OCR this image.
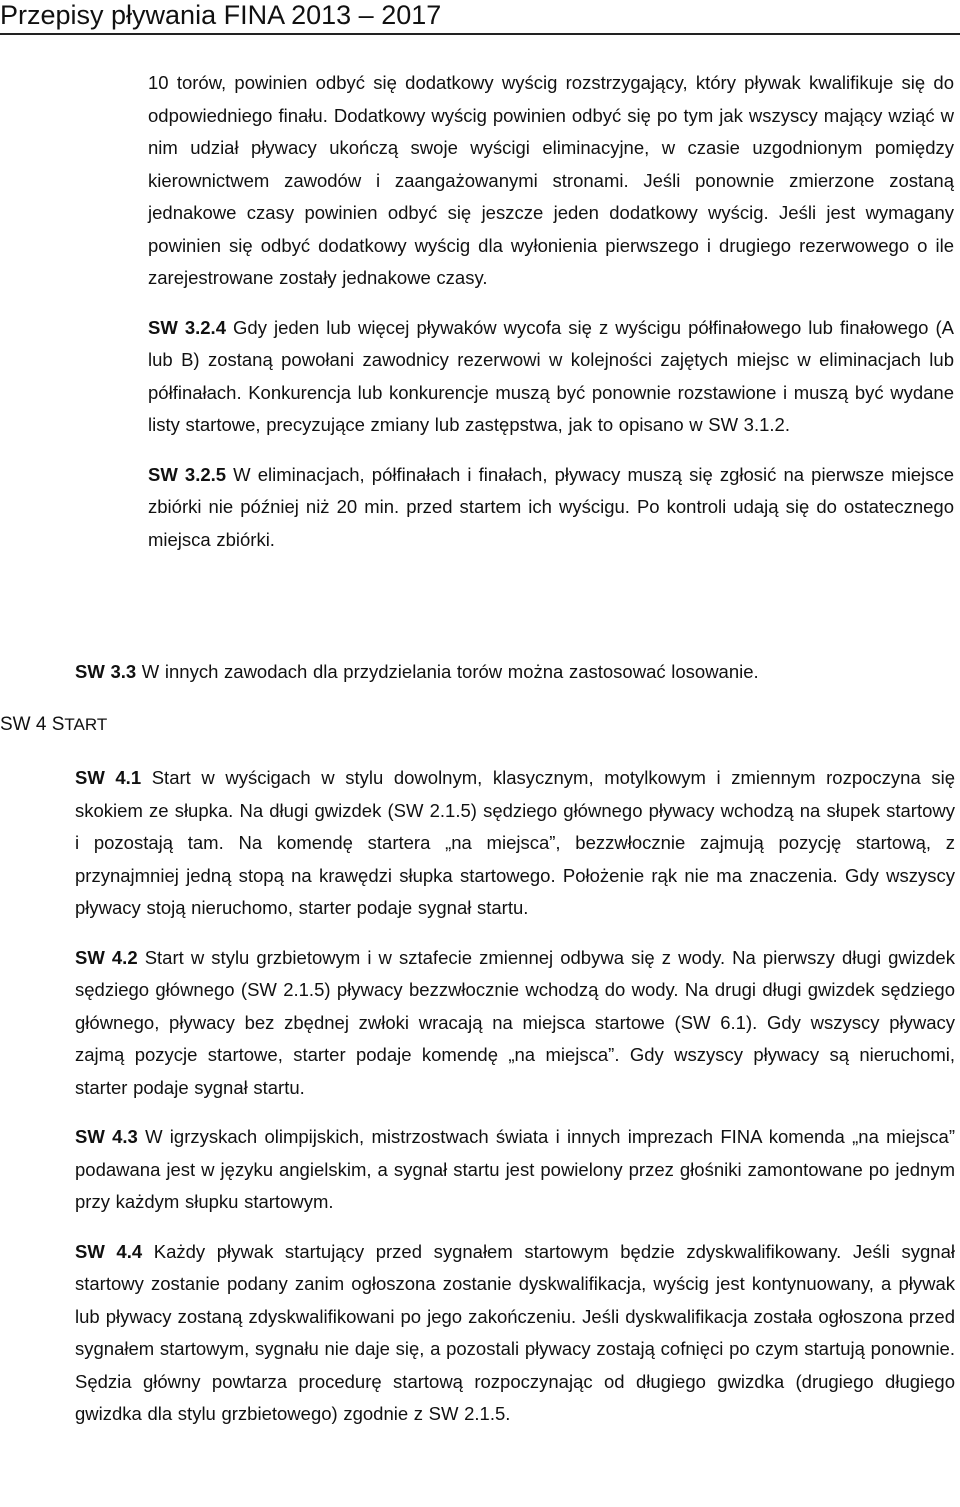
Przepisy pływania FINA 2013 – 2017

10 torów, powinien odbyć się dodatkowy wyścig rozstrzygający, który pływak kwalifikuje się do odpowiedniego finału. Dodatkowy wyścig powinien odbyć się po tym jak wszyscy mający wziąć w nim udział pływacy ukończą swoje wyścigi eliminacyjne, w czasie uzgodnionym pomiędzy kierownictwem zawodów i zaangażowanymi stronami. Jeśli ponownie zmierzone zostaną jednakowe czasy powinien odbyć się jeszcze jeden dodatkowy wyścig. Jeśli jest wymagany powinien się odbyć dodatkowy wyścig dla wyłonienia pierwszego i drugiego rezerwowego o ile zarejestrowane zostały jednakowe czasy.

SW 3.2.4 Gdy jeden lub więcej pływaków wycofa się z wyścigu półfinałowego lub finałowego (A lub B) zostaną powołani zawodnicy rezerwowi w kolejności zajętych miejsc w eliminacjach lub półfinałach. Konkurencja lub konkurencje muszą być ponownie rozstawione i muszą być wydane listy startowe, precyzujące zmiany lub zastępstwa, jak to opisano w SW 3.1.2.

SW 3.2.5 W eliminacjach, półfinałach i finałach, pływacy muszą się zgłosić na pierwsze miejsce zbiórki nie później niż 20 min. przed startem ich wyścigu. Po kontroli udają się do ostatecznego miejsca zbiórki.

SW 3.3 W innych zawodach dla przydzielania torów można zastosować losowanie.
SW 4 START

SW 4.1 Start w wyścigach w stylu dowolnym, klasycznym, motylkowym i zmiennym rozpoczyna się skokiem ze słupka. Na długi gwizdek (SW 2.1.5) sędziego głównego pływacy wchodzą na słupek startowy i pozostają tam. Na komendę startera „na miejsca”, bezzwłocznie zajmują pozycję startową, z przynajmniej jedną stopą na krawędzi słupka startowego. Położenie rąk nie ma znaczenia. Gdy wszyscy pływacy stoją nieruchomo, starter podaje sygnał startu.

SW 4.2 Start w stylu grzbietowym i w sztafecie zmiennej odbywa się z wody. Na pierwszy długi gwizdek sędziego głównego (SW 2.1.5) pływacy bezzwłocznie wchodzą do wody. Na drugi długi gwizdek sędziego głównego, pływacy bez zbędnej zwłoki wracają na miejsca startowe (SW 6.1). Gdy wszyscy pływacy zajmą pozycje startowe, starter podaje komendę „na miejsca”. Gdy wszyscy pływacy są nieruchomi, starter podaje sygnał startu.

SW 4.3 W igrzyskach olimpijskich, mistrzostwach świata i innych imprezach FINA komenda „na miejsca” podawana jest w języku angielskim, a sygnał startu jest powielony przez głośniki zamontowane po jednym przy każdym słupku startowym.

SW 4.4 Każdy pływak startujący przed sygnałem startowym będzie zdyskwalifikowany. Jeśli sygnał startowy zostanie podany zanim ogłoszona zostanie dyskwalifikacja, wyścig jest kontynuowany, a pływak lub pływacy zostaną zdyskwalifikowani po jego zakończeniu. Jeśli dyskwalifikacja została ogłoszona przed sygnałem startowym, sygnału nie daje się, a pozostali pływacy zostają cofnięci po czym startują ponownie. Sędzia główny powtarza procedurę startową rozpoczynając od długiego gwizdka (drugiego długiego gwizdka dla stylu grzbietowego) zgodnie z SW 2.1.5.
